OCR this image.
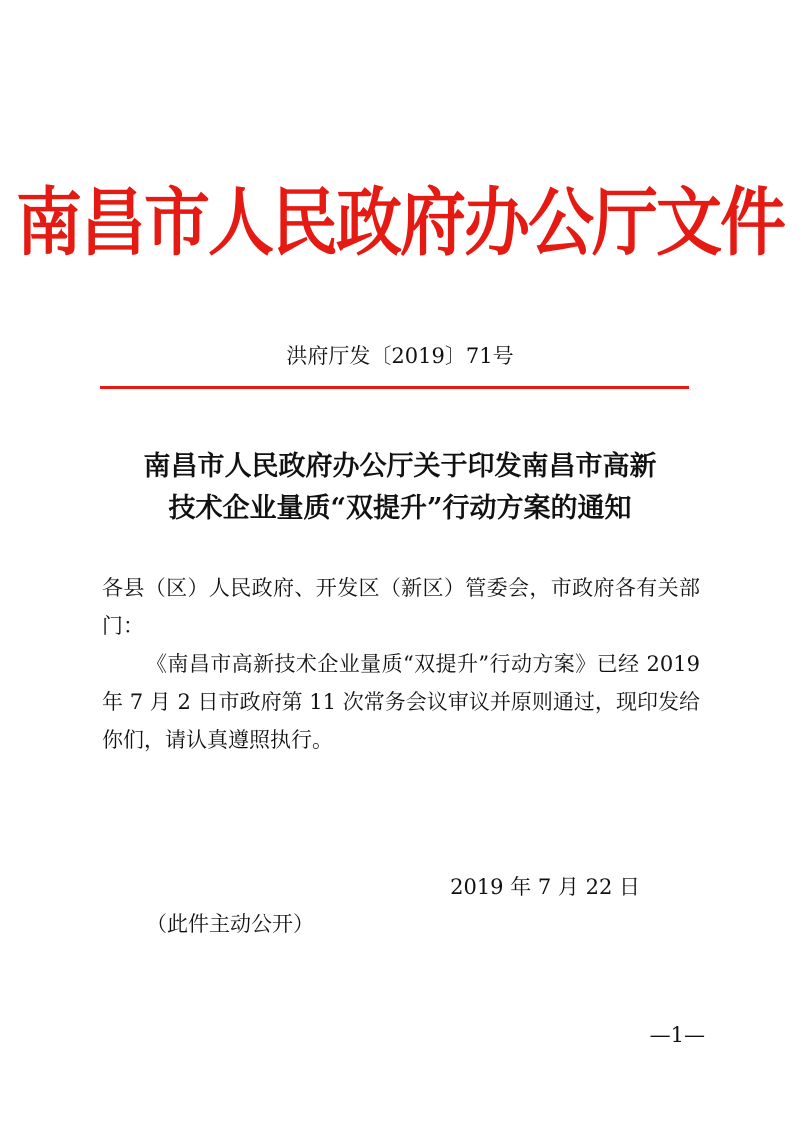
南昌市人民政府办公厅文件
洪府厅发〔2019〕71号
南昌市人民政府办公厅关于印发南昌市高新
技术企业量质“双提升”行动方案的通知
各县（区）人民政府、开发区（新区）管委会，市政府各有关部
门：
《南昌市高新技术企业量质“双提升”行动方案》已经 2019
年 7 月 2 日市政府第 11 次常务会议审议并原则通过，现印发给
你们，请认真遵照执行。
2019 年 7 月 22 日
（此件主动公开）
—1—
